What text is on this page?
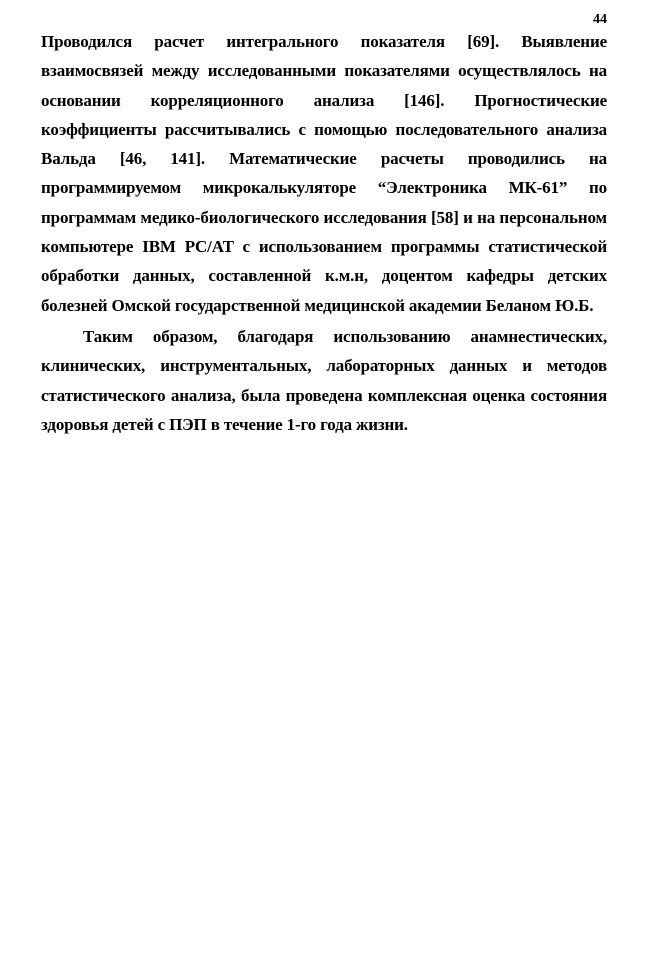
44

Проводился расчет интегрального показателя [69]. Выявление взаимосвязей между исследованными показателями осуществлялось на основании корреляционного анализа [146]. Прогностические коэффициенты рассчитывались с помощью последовательного анализа Вальда [46, 141]. Математические расчеты проводились на программируемом микрокалькуляторе “Электроника МК-61” по программам медико-биологического исследования [58] и на персональном компьютере IBM PC/AT с использованием программы статистической обработки данных, составленной к.м.н, доцентом кафедры детских болезней Омской государственной медицинской академии Беланом Ю.Б.

Таким образом, благодаря использованию анамнестических, клинических, инструментальных, лабораторных данных и методов статистического анализа, была проведена комплексная оценка состояния здоровья детей с ПЭП в течение 1-го года жизни.
